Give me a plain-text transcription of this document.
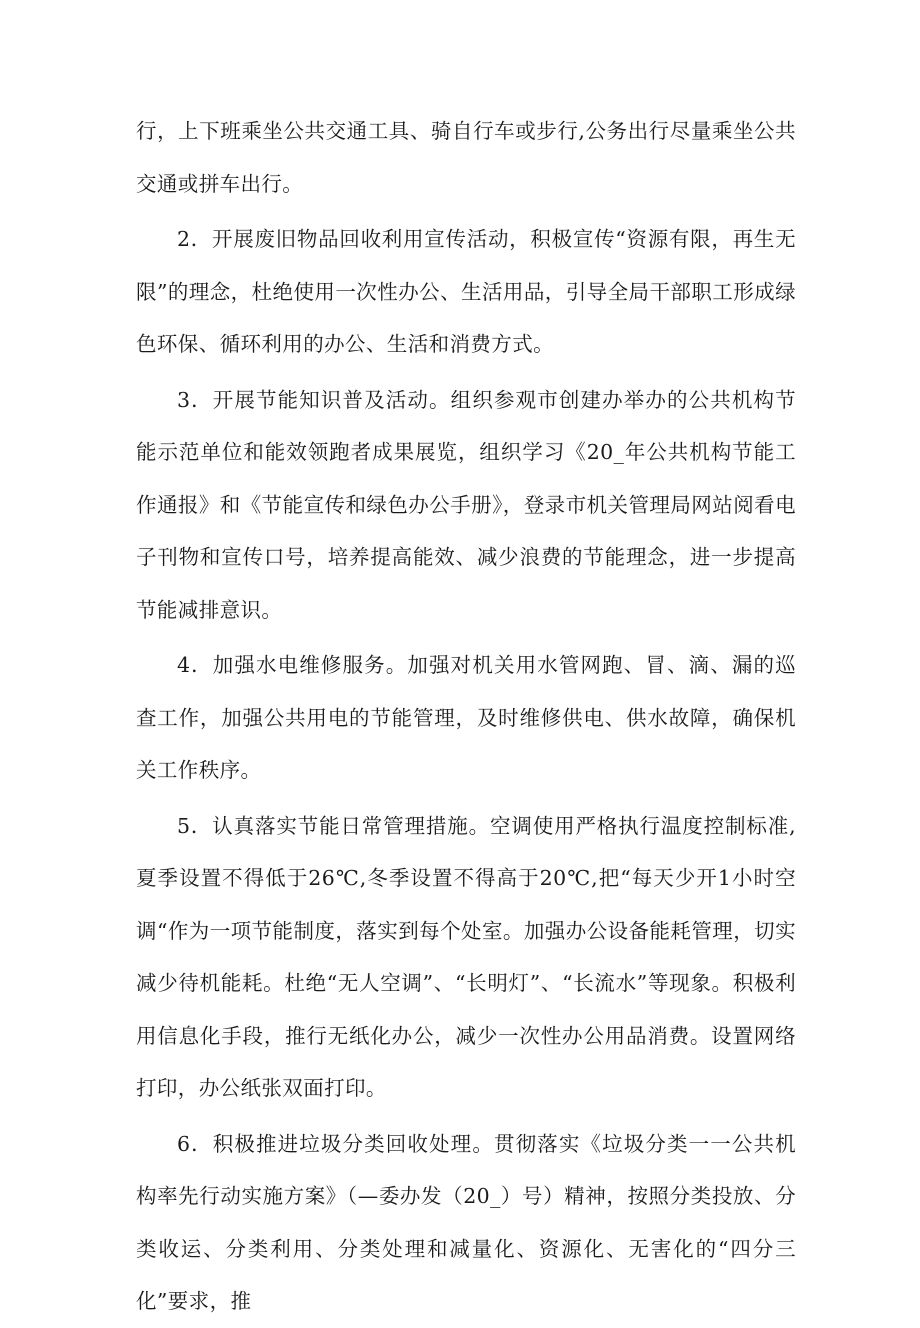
行，上下班乘坐公共交通工具、骑自行车或步行,公务出行尽量乘坐公共交通或拼车出行。

2．开展废旧物品回收利用宣传活动，积极宣传“资源有限，再生无限”的理念，杜绝使用一次性办公、生活用品，引导全局干部职工形成绿色环保、循环利用的办公、生活和消费方式。

3．开展节能知识普及活动。组织参观市创建办举办的公共机构节能示范单位和能效领跑者成果展览，组织学习《20_年公共机构节能工作通报》和《节能宣传和绿色办公手册》，登录市机关管理局网站阅看电子刊物和宣传口号，培养提高能效、减少浪费的节能理念，进一步提高节能减排意识。

4．加强水电维修服务。加强对机关用水管网跑、冒、滴、漏的巡查工作，加强公共用电的节能管理，及时维修供电、供水故障，确保机关工作秩序。

5．认真落实节能日常管理措施。空调使用严格执行温度控制标准,夏季设置不得低于26℃,冬季设置不得高于20℃,把“每天少开1小时空调“作为一项节能制度，落实到每个处室。加强办公设备能耗管理，切实减少待机能耗。杜绝“无人空调”、“长明灯”、“长流水”等现象。积极利用信息化手段，推行无纸化办公，减少一次性办公用品消费。设置网络打印，办公纸张双面打印。

6．积极推进垃圾分类回收处理。贯彻落实《垃圾分类一一公共机构率先行动实施方案》（—委办发（20_）号）精神，按照分类投放、分类收运、分类利用、分类处理和减量化、资源化、无害化的“四分三化”要求，推
